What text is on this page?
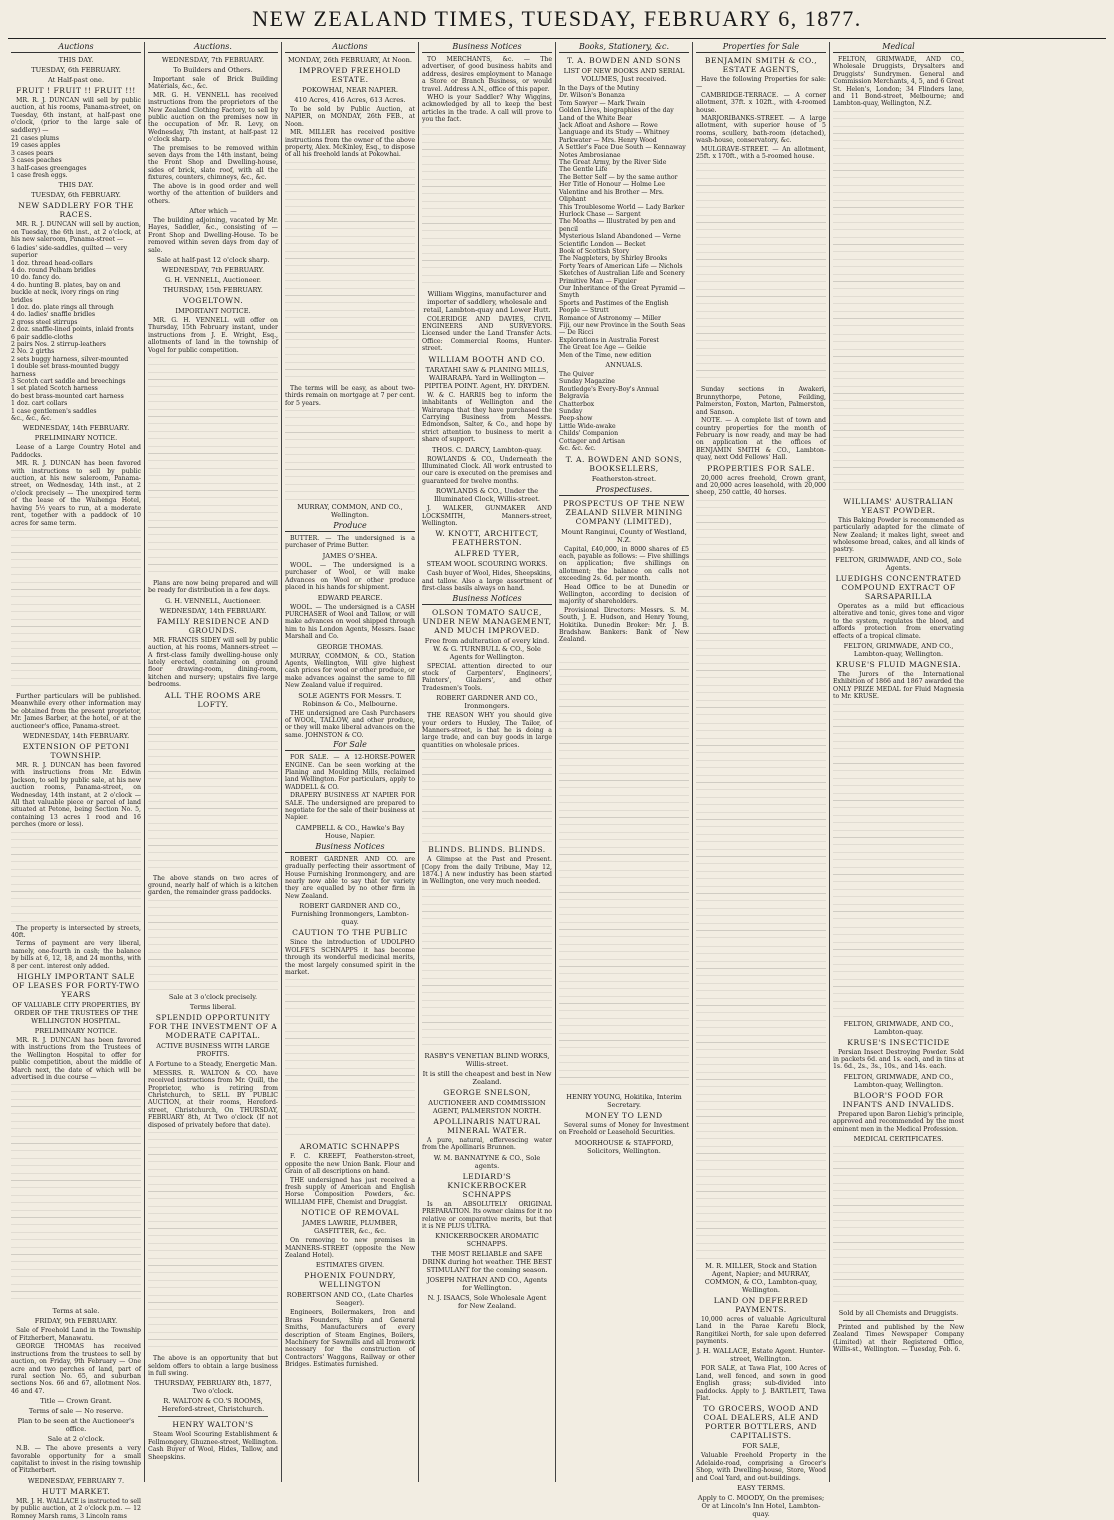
NEW ZEALAND TIMES, TUESDAY, FEBRUARY 6, 1877.
Auctions
THIS DAY.
TUESDAY, 6th FEBRUARY.
At Half-past one.
FRUIT ! FRUIT !! FRUIT !!!
MR. R. J. DUNCAN will sell by public auction, at his rooms, Panama-street, on Tuesday, 6th instant, at half-past one o'clock, (prior to the large sale of saddlery) —
21 cases plums
19 cases apples
3 cases pears
3 cases peaches
3 half-cases greengages
1 case fresh eggs.
THIS DAY.
TUESDAY, 6th FEBRUARY.
NEW SADDLERY FOR THE RACES.
MR. R. J. DUNCAN will sell by auction, on Tuesday, the 6th inst., at 2 o'clock, at his new saleroom, Panama-street —
6 ladies' side-saddles, quilted — very superior
1 doz. thread head-collars
4 do. round Pelham bridles
10 do. fancy do.
4 do. hunting B. plates, bay on and buckle at neck, ivory rings on ring bridles
1 doz. do. plate rings all through
4 do. ladies' snaffle bridles
2 gross steel stirrups
2 doz. snaffle-lined points, inlaid fronts
6 pair saddle-cloths
2 pairs Nos. 2 stirrup-leathers
2 No. 2 girths
2 sets buggy harness, silver-mounted
1 double set brass-mounted buggy harness
3 Scotch cart saddle and breechings
1 set plated Scotch harness
do best brass-mounted cart harness
1 doz. cart collars
1 case gentlemen's saddles
&c., &c., &c.
WEDNESDAY, 14th FEBRUARY.
PRELIMINARY NOTICE.
Lease of a Large Country Hotel and Paddocks.
MR. R. J. DUNCAN has been favored with instructions to sell by public auction, at his new saleroom, Panama-street, on Wednesday, 14th inst., at 2 o'clock precisely — The unexpired term of the lease of the Waihenga Hotel, having 5½ years to run, at a moderate rent, together with a paddock of 10 acres for same term.
Further particulars will be published. Meanwhile every other information may be obtained from the present proprietor, Mr. James Barber, at the hotel, or at the auctioneer's office, Panama-street.
WEDNESDAY, 14th FEBRUARY.
EXTENSION OF PETONI TOWNSHIP.
MR. R. J. DUNCAN has been favored with instructions from Mr. Edwin Jackson, to sell by public sale, at his new auction rooms, Panama-street, on Wednesday, 14th instant, at 2 o'clock — All that valuable piece or parcel of land situated at Petone, being Section No. 5, containing 13 acres 1 rood and 16 perches (more or less).
The property is intersected by streets, 40ft.
Terms of payment are very liberal, namely, one-fourth in cash; the balance by bills at 6, 12, 18, and 24 months, with 8 per cent. interest only added.
HIGHLY IMPORTANT SALE OF LEASES FOR FORTY-TWO YEARS
OF VALUABLE CITY PROPERTIES, BY ORDER OF THE TRUSTEES OF THE WELLINGTON HOSPITAL.
PRELIMINARY NOTICE.
MR. R. J. DUNCAN has been favored with instructions from the Trustees of the Wellington Hospital to offer for public competition, about the middle of March next, the date of which will be advertised in due course —
Terms at sale.
FRIDAY, 9th FEBRUARY.
Sale of Freehold Land in the Township of Fitzherbert, Manawatu.
GEORGE THOMAS has received instructions from the trustees to sell by auction, on Friday, 9th February — One acre and two perches of land, part of rural section No. 65, and suburban sections Nos. 66 and 67, allotment Nos. 46 and 47.
Title — Crown Grant.
Terms of sale — No reserve.
Plan to be seen at the Auctioneer's office.
Sale at 2 o'clock.
N.B. — The above presents a very favorable opportunity for a small capitalist to invest in the rising township of Fitzherbert.
WEDNESDAY, FEBRUARY 7.
HUTT MARKET.
MR. J. H. WALLACE is instructed to sell by public auction, at 2 o'clock p.m. — 12 Romney Marsh rams, 3 Lincoln rams
Auctions.
WEDNESDAY, 7th FEBRUARY.
To Builders and Others.
Important sale of Brick Building Materials, &c., &c.
MR. G. H. VENNELL has received instructions from the proprietors of the New Zealand Clothing Factory, to sell by public auction on the premises now in the occupation of Mr. R. Levy, on Wednesday, 7th instant, at half-past 12 o'clock sharp.
The premises to be removed within seven days from the 14th instant, being the Front Shop and Dwelling-house, sides of brick, slate roof, with all the fixtures, counters, chimneys, &c., &c.
The above is in good order and well worthy of the attention of builders and others.
After which —
The building adjoining, vacated by Mr. Hayes, Saddler, &c., consisting of — Front Shop and Dwelling-House. To be removed within seven days from day of sale.
Sale at half-past 12 o'clock sharp.
WEDNESDAY, 7th FEBRUARY.
G. H. VENNELL, Auctioneer.
THURSDAY, 15th FEBRUARY.
VOGELTOWN.
IMPORTANT NOTICE.
MR. G. H. VENNELL will offer on Thursday, 15th February instant, under instructions from J. E. Wright, Esq., allotments of land in the township of Vogel for public competition.
Plans are now being prepared and will be ready for distribution in a few days.
G. H. VENNELL, Auctioneer.
WEDNESDAY, 14th FEBRUARY.
FAMILY RESIDENCE AND GROUNDS.
MR. FRANCIS SIDEY will sell by public auction, at his rooms, Manners-street — A first-class family dwelling-house only lately erected, containing on ground floor drawing-room, dining-room, kitchen and nursery; upstairs five large bedrooms.
ALL THE ROOMS ARE LOFTY.
The above stands on two acres of ground, nearly half of which is a kitchen garden, the remainder grass paddocks.
Sale at 3 o'clock precisely.
Terms liberal.
SPLENDID OPPORTUNITY FOR THE INVESTMENT OF A MODERATE CAPITAL.
ACTIVE BUSINESS WITH LARGE PROFITS.
A Fortune to a Steady, Energetic Man.
MESSRS. R. WALTON & CO. have received instructions from Mr. Quill, the Proprietor, who is retiring from Christchurch, to SELL BY PUBLIC AUCTION, at their rooms, Hereford-street, Christchurch, On THURSDAY, FEBRUARY 8th, At Two o'clock (If not disposed of privately before that date).
The above is an opportunity that but seldom offers to obtain a large business in full swing.
THURSDAY, FEBRUARY 8th, 1877, Two o'clock.
R. WALTON & CO.'S ROOMS, Hereford-street, Christchurch.
HENRY WALTON'S
Steam Wool Scouring Establishment & Fellmongery, Ghuznee-street, Wellington. Cash Buyer of Wool, Hides, Tallow, and Sheepskins.
Auctions
MONDAY, 26th FEBRUARY, At Noon.
IMPROVED FREEHOLD ESTATE.
POKOWHAI, NEAR NAPIER.
410 Acres, 416 Acres, 613 Acres.
To be sold by Public Auction, at NAPIER, on MONDAY, 26th FEB., at Noon.
MR. MILLER has received positive instructions from the owner of the above property, Alex. McKinley, Esq., to dispose of all his freehold lands at Pokowhai.
The terms will be easy, as about two-thirds remain on mortgage at 7 per cent. for 5 years.
MURRAY, COMMON, AND CO., Wellington.
Produce
BUTTER. — The undersigned is a purchaser of Prime Butter.
JAMES O'SHEA.
WOOL. — The undersigned is a purchaser of Wool, or will make Advances on Wool or other produce placed in his hands for shipment.
EDWARD PEARCE.
WOOL. — The undersigned is a CASH PURCHASER of Wool and Tallow, or will make advances on wool shipped through him to his London Agents, Messrs. Isaac Marshall and Co.
GEORGE THOMAS.
MURRAY, COMMON, & CO., Station Agents, Wellington, Will give highest cash prices for wool or other produce, or make advances against the same to fill New Zealand value if required.
SOLE AGENTS FOR Messrs. T. Robinson & Co., Melbourne.
THE undersigned are Cash Purchasers of WOOL, TALLOW, and other produce, or they will make liberal advances on the same. JOHNSTON & CO.
For Sale
FOR SALE. — A 12-HORSE-POWER ENGINE. Can be seen working at the Planing and Moulding Mills, reclaimed land Wellington. For particulars, apply to WADDELL & CO.
DRAPERY BUSINESS AT NAPIER FOR SALE. The undersigned are prepared to negotiate for the sale of their business at Napier.
CAMPBELL & CO., Hawke's Bay House, Napier.
Business Notices
ROBERT GARDNER AND CO. are gradually perfecting their assortment of House Furnishing Ironmongery, and are nearly now able to say that for variety they are equalled by no other firm in New Zealand.
ROBERT GARDNER AND CO., Furnishing Ironmongers, Lambton-quay.
CAUTION TO THE PUBLIC
Since the introduction of UDOLPHO WOLFE'S SCHNAPPS it has become through its wonderful medicinal merits, the most largely consumed spirit in the market.
AROMATIC SCHNAPPS
F. C. KREEFT, Featherston-street, opposite the new Union Bank. Flour and Grain of all descriptions on hand.
THE undersigned has just received a fresh supply of American and English Horse Composition Powders, &c. WILLIAM FIFE, Chemist and Druggist.
NOTICE OF REMOVAL
JAMES LAWRIE, PLUMBER, GASFITTER, &c., &c.
On removing to new premises in MANNERS-STREET (opposite the New Zealand Hotel).
ESTIMATES GIVEN.
PHOENIX FOUNDRY, WELLINGTON
ROBERTSON AND CO., (Late Charles Seager).
Engineers, Boilermakers, Iron and Brass Founders, Ship and General Smiths, Manufacturers of every description of Steam Engines, Boilers, Machinery for Sawmills and all Ironwork necessary for the construction of Contractors' Waggons, Railway or other Bridges. Estimates furnished.
Business Notices
TO MERCHANTS, &c. — The advertiser, of good business habits and address, desires employment to Manage a Store or Branch Business, or would travel. Address A.N., office of this paper.
WHO is your Saddler? Why Wiggins, acknowledged by all to keep the best articles in the trade. A call will prove to you the fact.
William Wiggins, manufacturer and importer of saddlery, wholesale and retail, Lambton-quay and Lower Hutt.
COLERIDGE AND DAVIES, CIVIL ENGINEERS AND SURVEYORS. Licensed under the Land Transfer Acts. Office: Commercial Rooms, Hunter-street.
WILLIAM BOOTH AND CO.
TARATAHI SAW & PLANING MILLS, WAIRARAPA. Yard in Wellington — PIPITEA POINT. Agent, HY. DRYDEN.
W. & C. HARRIS beg to inform the inhabitants of Wellington and the Wairarapa that they have purchased the Carrying Business from Messrs. Edmondson, Salter, & Co., and hope by strict attention to business to merit a share of support.
THOS. C. DARCY, Lambton-quay.
ROWLANDS & CO., Underneath the Illuminated Clock. All work entrusted to our care is executed on the premises and guaranteed for twelve months.
ROWLANDS & CO., Under the Illuminated Clock, Willis-street.
J. WALKER, GUNMAKER AND LOCKSMITH, Manners-street, Wellington.
W. KNOTT, ARCHITECT, FEATHERSTON.
ALFRED TYER,
STEAM WOOL SCOURING WORKS.
Cash buyer of Wool, Hides, Sheepskins, and tallow. Also a large assortment of first-class basils always on hand.
Business Notices
OLSON TOMATO SAUCE, UNDER NEW MANAGEMENT, AND MUCH IMPROVED.
Free from adulteration of every kind. W. & G. TURNBULL & CO., Sole Agents for Wellington.
SPECIAL attention directed to our stock of Carpenters', Engineers', Painters', Glaziers', and other Tradesmen's Tools.
ROBERT GARDNER AND CO., Ironmongers.
THE REASON WHY you should give your orders to Huxley, The Tailor, of Manners-street, is that he is doing a large trade, and can buy goods in large quantities on wholesale prices.
BLINDS. BLINDS. BLINDS.
A Glimpse at the Past and Present. [Copy from the daily Tribune, May 12, 1874.] A new industry has been started in Wellington, one very much needed.
RASBY'S VENETIAN BLIND WORKS, Willis-street.
It is still the cheapest and best in New Zealand.
GEORGE SNELSON,
AUCTIONEER AND COMMISSION AGENT, PALMERSTON NORTH.
APOLLINARIS NATURAL MINERAL WATER.
A pure, natural, effervescing water from the Apollinaris Brunnen.
W. M. BANNATYNE & CO., Sole agents.
LEDIARD'S KNICKERBOCKER SCHNAPPS
Is an ABSOLUTELY ORIGINAL PREPARATION. Its owner claims for it no relative or comparative merits, but that it is NE PLUS ULTRA.
KNICKERBOCKER AROMATIC SCHNAPPS.
THE MOST RELIABLE and SAFE DRINK during hot weather. THE BEST STIMULANT for the coming season.
JOSEPH NATHAN AND CO., Agents for Wellington.
N. J. ISAACS, Sole Wholesale Agent for New Zealand.
Books, Stationery, &c.
T. A. BOWDEN AND SONS
LIST OF NEW BOOKS AND SERIAL VOLUMES, Just received.
In the Days of the Mutiny
Dr. Wilson's Bonanza
Tom Sawyer — Mark Twain
Golden Lives, biographies of the day
Land of the White Bear
Jack Afloat and Ashore — Rowe
Language and its Study — Whitney
Parkwater — Mrs. Henry Wood
A Settler's Face Due South — Kennaway
Notes Ambrosianae
The Great Army, by the River Side
The Gentle Life
The Better Self — by the same author
Her Title of Honour — Holme Lee
Valentine and his Brother — Mrs. Oliphant
This Troublesome World — Lady Barker
Hurlock Chase — Sargent
The Moaths — Illustrated by pen and pencil
Mysterious Island Abandoned — Verne
Scientific London — Becket
Book of Scottish Story
The Nagpleters, by Shirley Brooks
Forty Years of American Life — Nichols
Sketches of Australian Life and Scenery
Primitive Man — Figuier
Our Inheritance of the Great Pyramid — Smyth
Sports and Pastimes of the English People — Strutt
Romance of Astronomy — Miller
Fiji, our new Province in the South Seas — De Ricci
Explorations in Australia Forest
The Great Ice Age — Geikie
Men of the Time, new edition
ANNUALS.
The Quiver
Sunday Magazine
Routledge's Every-Boy's Annual
Belgravia
Chatterbox
Sunday
Peep-show
Little Wide-awake
Childs' Companion
Cottager and Artisan
&c. &c. &c.
T. A. BOWDEN AND SONS, BOOKSELLERS,
Featherston-street.
Prospectuses.
PROSPECTUS OF THE NEW ZEALAND SILVER MINING COMPANY (LIMITED),
Mount Ranginui, County of Westland, N.Z.
Capital, £40,000, in 8000 shares of £5 each, payable as follows: — Five shillings on application; five shillings on allotment; the balance on calls not exceeding 2s. 6d. per month.
Head Office to be at Dunedin or Wellington, according to decision of majority of shareholders.
Provisional Directors: Messrs. S. M. South, J. E. Hudson, and Henry Young, Hokitika. Dunedin Broker: Mr. J. B. Bradshaw. Bankers: Bank of New Zealand.
HENRY YOUNG, Hokitika, Interim Secretary.
MONEY TO LEND
Several sums of Money for Investment on Freehold or Leasehold Securities.
MOORHOUSE & STAFFORD, Solicitors, Wellington.
Properties for Sale
BENJAMIN SMITH & CO., ESTATE AGENTS,
Have the following Properties for sale: —
CAMBRIDGE-TERRACE. — A corner allotment, 37ft. x 102ft., with 4-roomed house.
MARJORIBANKS-STREET. — A large allotment, with superior house of 5 rooms, scullery, bath-room (detached), wash-house, conservatory, &c.
MULGRAVE-STREET. — An allotment, 25ft. x 170ft., with a 5-roomed house.
Sunday sections in Awakeri, Brunnythorpe, Petone, Feilding, Palmerston, Foxton, Marton, Palmerston, and Sanson.
NOTE. — A complete list of town and country properties for the month of February is now ready, and may be had on application at the offices of BENJAMIN SMITH & CO., Lambton-quay, next Odd Fellows' Hall.
PROPERTIES FOR SALE.
20,000 acres freehold, Crown grant, and 20,000 acres leasehold, with 20,000 sheep, 250 cattle, 40 horses.
M. R. MILLER, Stock and Station Agent, Napier; and MURRAY, COMMON, & CO., Lambton-quay, Wellington.
LAND ON DEFERRED PAYMENTS.
10,000 acres of valuable Agricultural Land in the Parae Karetu Block, Rangitikei North, for sale upon deferred payments.
J. H. WALLACE, Estate Agent. Hunter-street, Wellington.
FOR SALE, at Tawa Flat, 100 Acres of Land, well fenced, and sown in good English grass; sub-divided into paddocks. Apply to J. BARTLETT, Tawa Flat.
TO GROCERS, WOOD AND COAL DEALERS, ALE AND PORTER BOTTLERS, AND CAPITALISTS.
FOR SALE,
Valuable Freehold Property in the Adelaide-road, comprising a Grocer's Shop, with Dwelling-house, Store, Wood and Coal Yard, and out-buildings.
EASY TERMS.
Apply to C. MOODY, On the premises; Or at Lincoln's Inn Hotel, Lambton-quay.
Medical
FELTON, GRIMWADE, AND CO., Wholesale Druggists, Drysalters and Druggists' Sundrymen. General and Commission Merchants, 4, 5, and 6 Great St. Helen's, London; 34 Flinders lane, and 11 Bond-street, Melbourne; and Lambton-quay, Wellington, N.Z.
WILLIAMS' AUSTRALIAN YEAST POWDER.
This Baking Powder is recommended as particularly adapted for the climate of New Zealand; it makes light, sweet and wholesome bread, cakes, and all kinds of pastry.
FELTON, GRIMWADE, AND CO., Sole Agents.
LUEDIGHS CONCENTRATED COMPOUND EXTRACT OF SARSAPARILLA
Operates as a mild but efficacious alterative and tonic, gives tone and vigor to the system, regulates the blood, and affords protection from enervating effects of a tropical climate.
FELTON, GRIMWADE, AND CO., Lambton-quay, Wellington.
KRUSE'S FLUID MAGNESIA.
The Jurors of the International Exhibition of 1866 and 1867 awarded the ONLY PRIZE MEDAL for Fluid Magnesia to Mr. KRUSE.
FELTON, GRIMWADE, AND CO., Lambton-quay.
KRUSE'S INSECTICIDE
Persian Insect Destroying Powder. Sold in packets 6d. and 1s. each, and in tins at 1s. 6d., 2s., 3s., 10s., and 14s. each.
FELTON, GRIMWADE, AND CO., Lambton-quay, Wellington.
BLOOR'S FOOD FOR INFANTS AND INVALIDS.
Prepared upon Baron Liebig's principle, approved and recommended by the most eminent men in the Medical Profession.
MEDICAL CERTIFICATES.
Sold by all Chemists and Druggists.
Printed and published by the New Zealand Times Newspaper Company (Limited) at their Registered Office, Willis-st., Wellington. — Tuesday, Feb. 6.
